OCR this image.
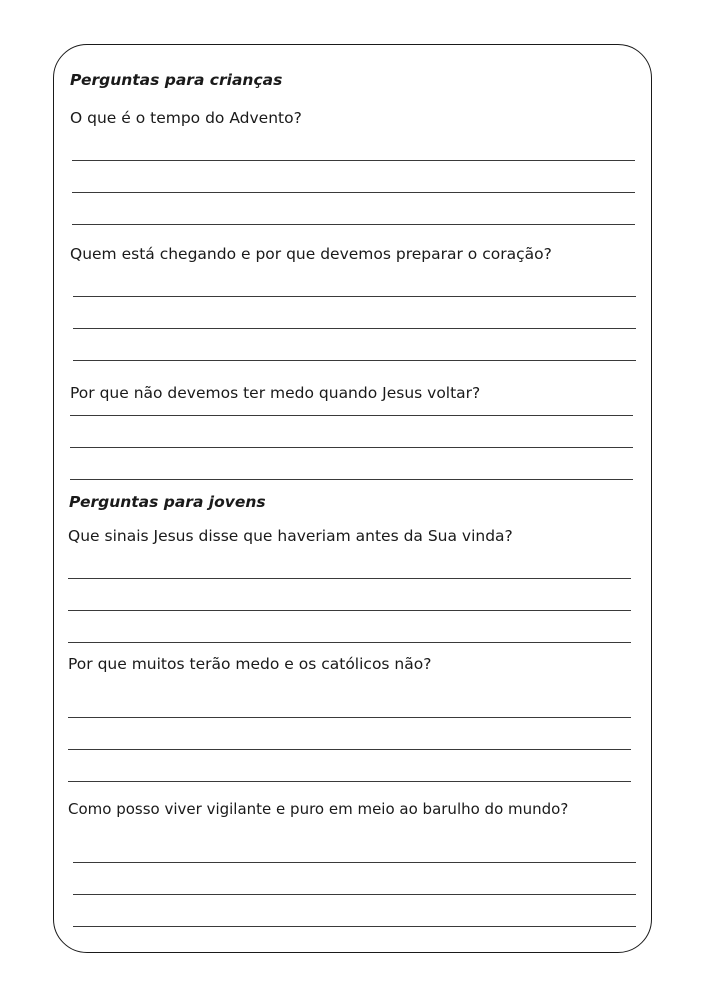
Perguntas para crianças

O que é o tempo do Advento?

Quem está chegando e por que devemos preparar o coração?

Por que não devemos ter medo quando Jesus voltar?

Perguntas para jovens

Que sinais Jesus disse que haveriam antes da Sua vinda?

Por que muitos terão medo e os católicos não?

Como posso viver vigilante e puro em meio ao barulho do mundo?
